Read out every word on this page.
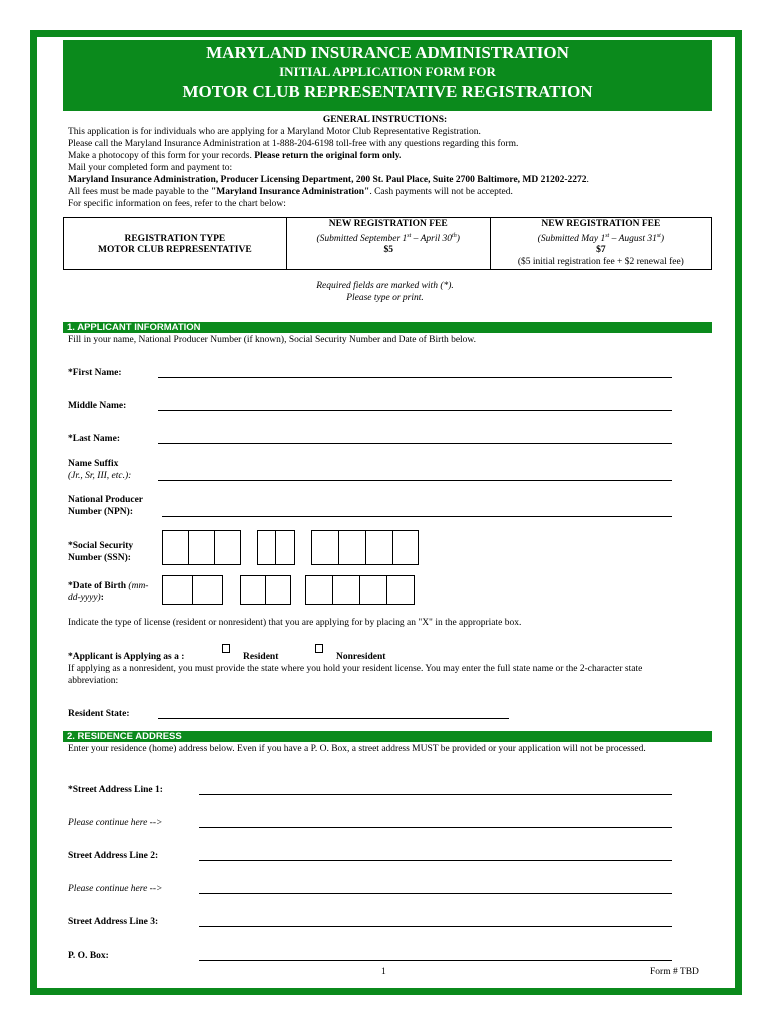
MARYLAND INSURANCE ADMINISTRATION
INITIAL APPLICATION FORM FOR
MOTOR CLUB REPRESENTATIVE REGISTRATION
GENERAL INSTRUCTIONS:
This application is for individuals who are applying for a Maryland Motor Club Representative Registration.
Please call the Maryland Insurance Administration at 1-888-204-6198 toll-free with any questions regarding this form.
Make a photocopy of this form for your records. Please return the original form only.
Mail your completed form and payment to:
Maryland Insurance Administration, Producer Licensing Department, 200 St. Paul Place, Suite 2700 Baltimore, MD 21202-2272.
All fees must be made payable to the "Maryland Insurance Administration". Cash payments will not be accepted.
For specific information on fees, refer to the chart below:
REGISTRATION TYPE
MOTOR CLUB REPRESENTATIVE

NEW REGISTRATION FEE
(Submitted September 1st – April 30th)
$5

NEW REGISTRATION FEE
(Submitted May 1st – August 31st)
$7
($5 initial registration fee + $2 renewal fee)
Required fields are marked with (*).
Please type or print.
1. APPLICANT INFORMATION
Fill in your name, National Producer Number (if known), Social Security Number and Date of Birth below.
*First Name:
Middle Name:
*Last Name:
Name Suffix
(Jr., Sr, III, etc.):
National Producer
Number (NPN):
*Social Security
Number (SSN):
*Date of Birth (mm-
dd-yyyy):
Indicate the type of license (resident or nonresident) that you are applying for by placing an "X" in the appropriate box.
*Applicant is Applying as a :	Resident	Nonresident
If applying as a nonresident, you must provide the state where you hold your resident license. You may enter the full state name or the 2-character state
abbreviation:
Resident State:
2. RESIDENCE ADDRESS
Enter your residence (home) address below. Even if you have a P. O. Box, a street address MUST be provided or your application will not be processed.
*Street Address Line 1:
Please continue here -->
Street Address Line 2:
Please continue here -->
Street Address Line 3:
P. O. Box:
1	Form # TBD
